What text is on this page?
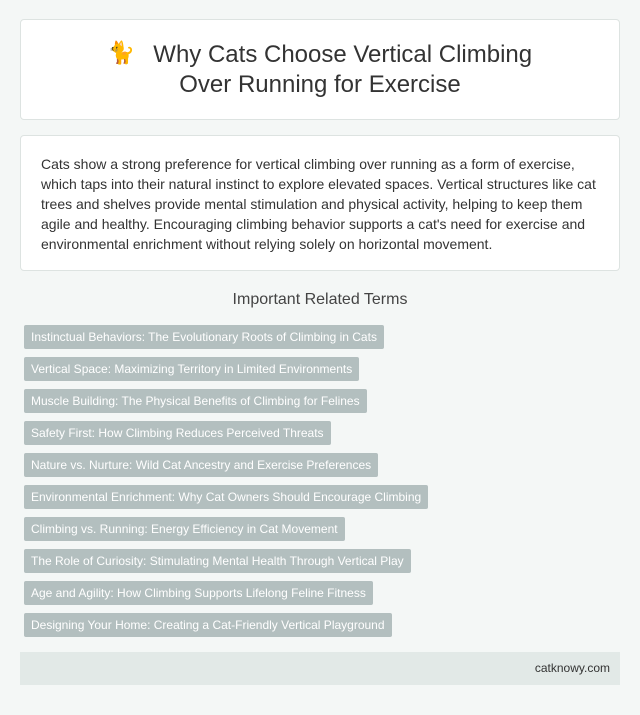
🐈 Why Cats Choose Vertical Climbing Over Running for Exercise

Cats show a strong preference for vertical climbing over running as a form of exercise, which taps into their natural instinct to explore elevated spaces. Vertical structures like cat trees and shelves provide mental stimulation and physical activity, helping to keep them agile and healthy. Encouraging climbing behavior supports a cat's need for exercise and environmental enrichment without relying solely on horizontal movement.

Important Related Terms
Instinctual Behaviors: The Evolutionary Roots of Climbing in Cats
Vertical Space: Maximizing Territory in Limited Environments
Muscle Building: The Physical Benefits of Climbing for Felines
Safety First: How Climbing Reduces Perceived Threats
Nature vs. Nurture: Wild Cat Ancestry and Exercise Preferences
Environmental Enrichment: Why Cat Owners Should Encourage Climbing
Climbing vs. Running: Energy Efficiency in Cat Movement
The Role of Curiosity: Stimulating Mental Health Through Vertical Play
Age and Agility: How Climbing Supports Lifelong Feline Fitness
Designing Your Home: Creating a Cat-Friendly Vertical Playground
catknowy.com
